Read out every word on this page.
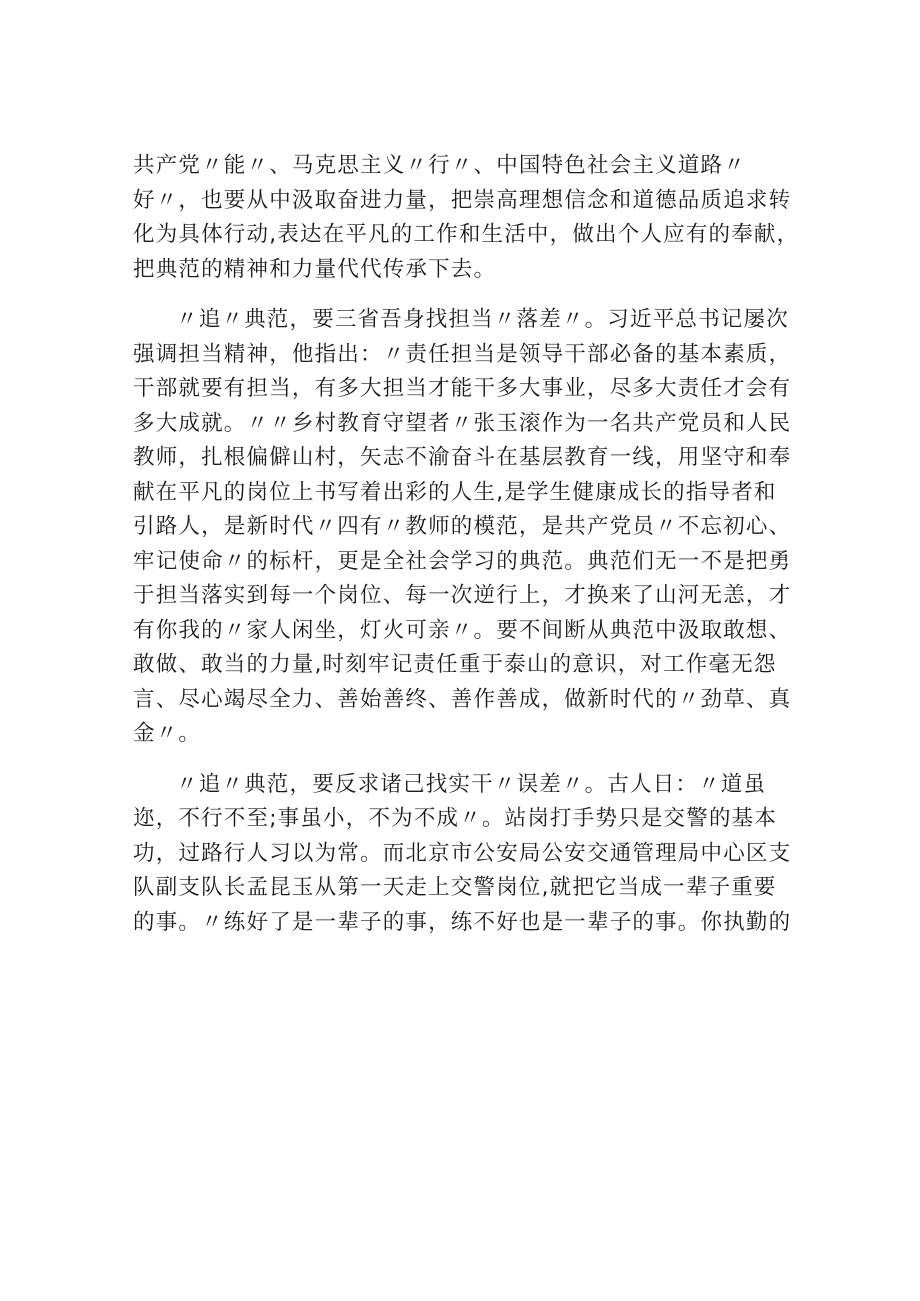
共产党〃能〃、马克思主义〃行〃、中国特色社会主义道路〃
好〃，也要从中汲取奋进力量，把崇高理想信念和道德品质追求转
化为具体行动,表达在平凡的工作和生活中，做出个人应有的奉献，
把典范的精神和力量代代传承下去。

〃追〃典范，要三省吾身找担当〃落差〃。习近平总书记屡次
强调担当精神，他指出：〃责任担当是领导干部必备的基本素质，
干部就要有担当，有多大担当才能干多大事业，尽多大责任才会有
多大成就。〃〃乡村教育守望者〃张玉滚作为一名共产党员和人民
教师，扎根偏僻山村，矢志不渝奋斗在基层教育一线，用坚守和奉
献在平凡的岗位上书写着出彩的人生,是学生健康成长的指导者和
引路人，是新时代〃四有〃教师的模范，是共产党员〃不忘初心、
牢记使命〃的标杆，更是全社会学习的典范。典范们无一不是把勇
于担当落实到每一个岗位、每一次逆行上，才换来了山河无恙，才
有你我的〃家人闲坐，灯火可亲〃。要不间断从典范中汲取敢想、
敢做、敢当的力量,时刻牢记责任重于泰山的意识，对工作毫无怨
言、尽心竭尽全力、善始善终、善作善成，做新时代的〃劲草、真
金〃。

〃追〃典范，要反求诸己找实干〃误差〃。古人日：〃道虽
迩，不行不至;事虽小，不为不成〃。站岗打手势只是交警的基本
功，过路行人习以为常。而北京市公安局公安交通管理局中心区支
队副支队长孟昆玉从第一天走上交警岗位,就把它当成一辈子重要
的事。〃练好了是一辈子的事，练不好也是一辈子的事。你执勤的
